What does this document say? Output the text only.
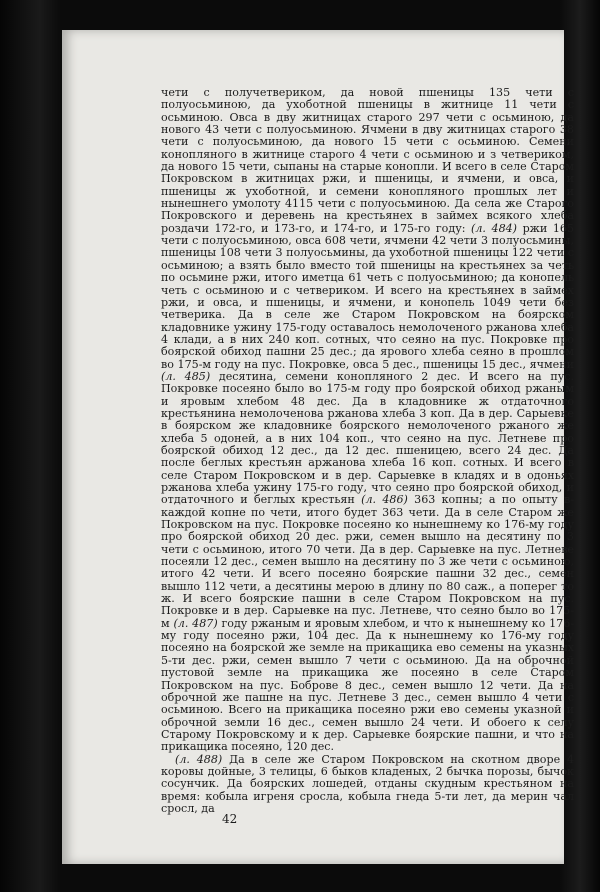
чети с получетвериком, да новой пшеницы 135 чети с полуосьминою, да ухоботной пшеницы в житнице 11 чети с осьминою. Овса в дву житницах старого 297 чети с осьминою, да нового 43 чети с полуосьминою. Ячмени в дву житницах старого 38 чети с полуосьминою, да нового 15 чети с осьминою. Семени конопляного в житнице старого 4 чети с осьминою и з четвериком, да нового 15 чети, сыпаны на старые конопли. И всего в селе Старом Покровском в житницах ржи, и пшеницы, и ячмени, и овса, и пшеницы ж ухоботной, и семени конопляного прошлых лет и нынешнего умолоту 4115 чети с полуосьминою. Да села же Старого Покровского и деревень на крестьянех в займех всякого хлеба роздачи 172-го, и 173-го, и 174-го, и 175-го году: (л. 484) ржи 165 чети с полуосьминою, овса 608 чети, ячмени 42 чети 3 полуосьмины, пшеницы 108 чети 3 полуосьмины, да ухоботной пшеницы 122 чети с осьминою; а взять было вместо той пшеницы на крестьянех за четь по осьмине ржи, итого иметца 61 четь с полуосьминою; да конопель четь с осьминою и с четвериком. И всего на крестьянех в займех ржи, и овса, и пшеницы, и ячмени, и конопель 1049 чети без четверика. Да в селе же Старом Покровском на боярском кладовнике ужину 175-году оставалось немолоченого ржанова хлеба 4 клади, а в них 240 коп. сотных, что сеяно на пус. Покровке про боярской обиход пашни 25 дес.; да ярового хлеба сеяно в прошлом во 175-м году на пус. Покровке, овса 5 дес., пшеницы 15 дес., ячмени (л. 485) десятина, семени конопляного 2 дес. И всего на пус. Покровке посеяно было во 175-м году про боярской обиход ржаным и яровым хлебом 48 дес. Да в кладовнике ж отдаточного крестьянина немолоченова ржанова хлеба 3 коп. Да в дер. Сарыевке в боярском же кладовнике боярского немолоченого ржаного же хлеба 5 одоней, а в них 104 коп., что сеяно на пус. Летневе про боярской обиход 12 дес., да 12 дес. пшеницею, всего 24 дес. Да после беглых крестьян аржанова хлеба 16 коп. сотных. И всего в селе Старом Покровском и в дер. Сарыевке в кладях и в одоньях ржанова хлеба ужину 175-го году, что сеяно про боярской обиход, и отдаточного и беглых крестьян (л. 486) 363 копны; а по опыту в-каждой копне по чети, итого будет 363 чети. Да в селе Старом же Покровском на пус. Покровке посеяно ко нынешнему ко 176-му году про боярской обиход 20 дес. ржи, семен вышло на десятину по 3 чети с осьминою, итого 70 чети. Да в дер. Сарыевке на пус. Летневе посеяли 12 дес., семен вышло на десятину по 3 же чети с осьминою, итого 42 чети. И всего посеяно боярские пашни 32 дес., семен вышло 112 чети, а десятины мерою в длину по 80 саж., а поперег то ж. И всего боярские пашни в селе Старом Покровском на пус. Покровке и в дер. Сарыевке на пус. Летневе, что сеяно было во 175-м (л. 487) году ржаным и яровым хлебом, и что к нынешнему ко 176-му году посеяно ржи, 104 дес. Да к нынешнему ко 176-му году посеяно на боярской же земле на прикащика ево семены на указных 5-ти дес. ржи, семен вышло 7 чети с осьминою. Да на оброчной пустовой земле на прикащика же посеяно в селе Старом Покровском на пус. Боброве 8 дес., семен вышло 12 чети. Да на оброчной же пашне на пус. Летневе 3 дес., семен вышло 4 чети с осьминою. Всего на прикащика посеяно ржи ево семены указной и оброчной земли 16 дес., семен вышло 24 чети. И обоего к селу Старому Покровскому и к дер. Сарыевке боярские пашни, и что на прикащика посеяно, 120 дес.

(л. 488) Да в селе же Старом Покровском на скотном дворе 4 коровы дойные, 3 телицы, 6 быков кладеных, 2 бычка порозы, бычок сосунчик. Да боярских лошедей, отданы скудным крестьяном на время: кобыла игреня сросла, кобыла гнеда 5-ти лет, да мерин чал сросл, да

42
